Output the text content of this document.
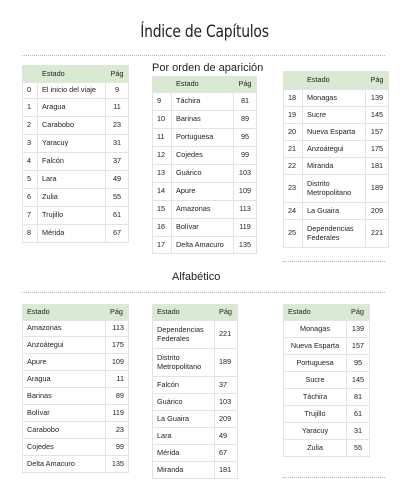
Índice de Capítulos
Por orden de aparición
	Estado	Pág
0	El inicio del viaje	9
1	Aragua	11
2	Carabobo	23
3	Yaracuy	31
4	Falcón	37
5	Lara	49
6	Zulia	55
7	Trujillo	61
8	Mérida	67
	Estado	Pág
9	Táchira	81
10	Barinas	89
11	Portuguesa	95
12	Cojedes	99
13	Guárico	103
14	Apure	109
15	Amazonas	113
16	Bolívar	119
17	Delta Amacuro	135
	Estado	Pág
18	Monagas	139
19	Sucre	145
20	Nueva Esparta	157
21	Anzoátegui	175
22	Miranda	181
23	Distrito Metropolitano	189
24	La Guaira	209
25	Dependencias Federales	221
Alfabético
Estado	Pág
Amazonas	113
Anzoátegui	175
Apure	109
Aragua	11
Barinas	89
Bolívar	119
Carabobo	23
Cojedes	99
Delta Amacuro	135
Estado	Pág
Dependencias Federales	221
Distrito Metropolitano	189
Falcón	37
Guárico	103
La Guaira	209
Lara	49
Mérida	67
Miranda	181
Estado	Pág
Monagas	139
Nueva Esparta	157
Portuguesa	95
Sucre	145
Táchira	81
Trujillo	61
Yaracuy	31
Zulia	55
